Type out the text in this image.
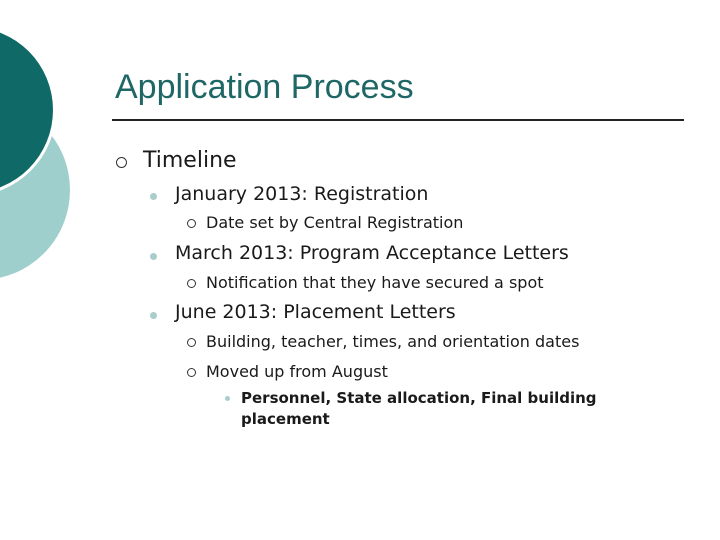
Application Process
Timeline
January 2013: Registration
Date set by Central Registration
March 2013: Program Acceptance Letters
Notification that they have secured a spot
June 2013: Placement Letters
Building, teacher, times, and orientation dates
Moved up from August
Personnel, State allocation, Final building placement
